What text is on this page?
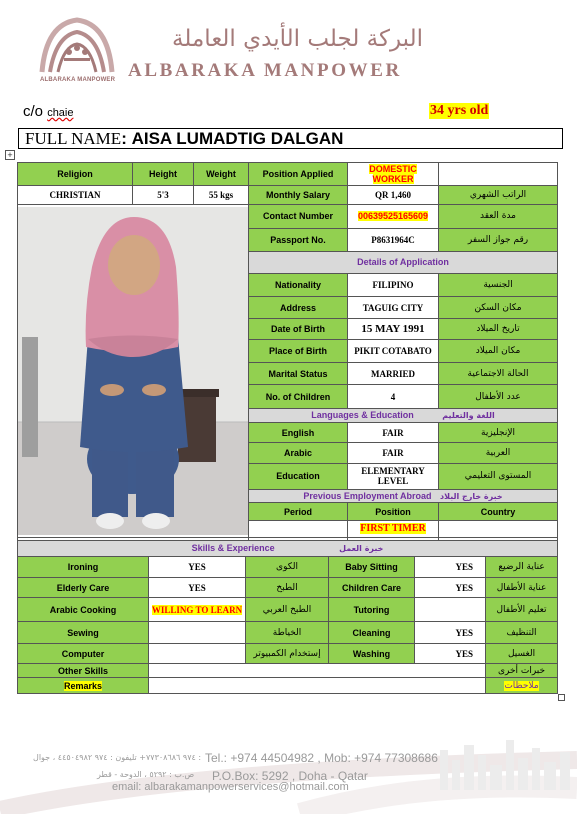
ALBARAKA MANPOWER
البركة لجلب الأيدي العاملة
ALBARAKA MANPOWER
c/o chaie	34 yrs old
FULL NAME: AISA LUMADTIG DALGAN
+
Religion	Height	Weight	Position Applied	DOMESTIC WORKER	
CHRISTIAN	5'3	55 kgs	Monthly Salary	QR 1,460	الراتب الشهري

	Contact Number	00639525165609	مدة العقد
			Passport No.	P8631964C	رقم جواز السفر
			Details of Application		
			Nationality	FILIPINO	الجنسية
			Address	TAGUIG CITY	مكان السكن
			Date of Birth	15 MAY 1991	تاريخ الميلاد
			Place of Birth	PIKIT COTABATO	مكان الميلاد
			Marital Status	MARRIED	الحالة الاجتماعية
			No. of Children	4	عدد الأطفال
			Languages & Education اللغة والتعليم		
			English	FAIR	الإنجليزية
			Arabic	FAIR	العربية
			Education	ELEMENTARY LEVEL	المستوى التعليمي
			Previous Employment Abroad خبرة خارج البلاد		
			Period	Position	Country
				FIRST TIMER	

Skills & Experience خبرة العمل					
Ironing	YES	الكوى	Baby Sitting	YES	عناية الرضيع
Elderly Care	YES	الطبخ	Children Care	YES	عناية الأطفال
Arabic Cooking	WILLING TO LEARN	الطبخ العربي	Tutoring		تعليم الأطفال
Sewing		الخياطة	Cleaning	YES	التنظيف
Computer		إستخدام الكمبيوتر	Washing	YES	الغسيل
Other Skills					خبرات أخرى
Remarks					ملاحظات
٩٧٤ ٧٧٣٠٨٦٨٦+ تليفون : ٩٧٤ ٤٤٥٠٤٩٨٢ ، جوال : Tel.: +974 44504982 , Mob: +974 77308686
ص.ب : ٥٢٩٢ ، الدوحة - قطر P.O.Box: 5292 , Doha - Qatar
email: albarakamanpowerservices@hotmail.com
